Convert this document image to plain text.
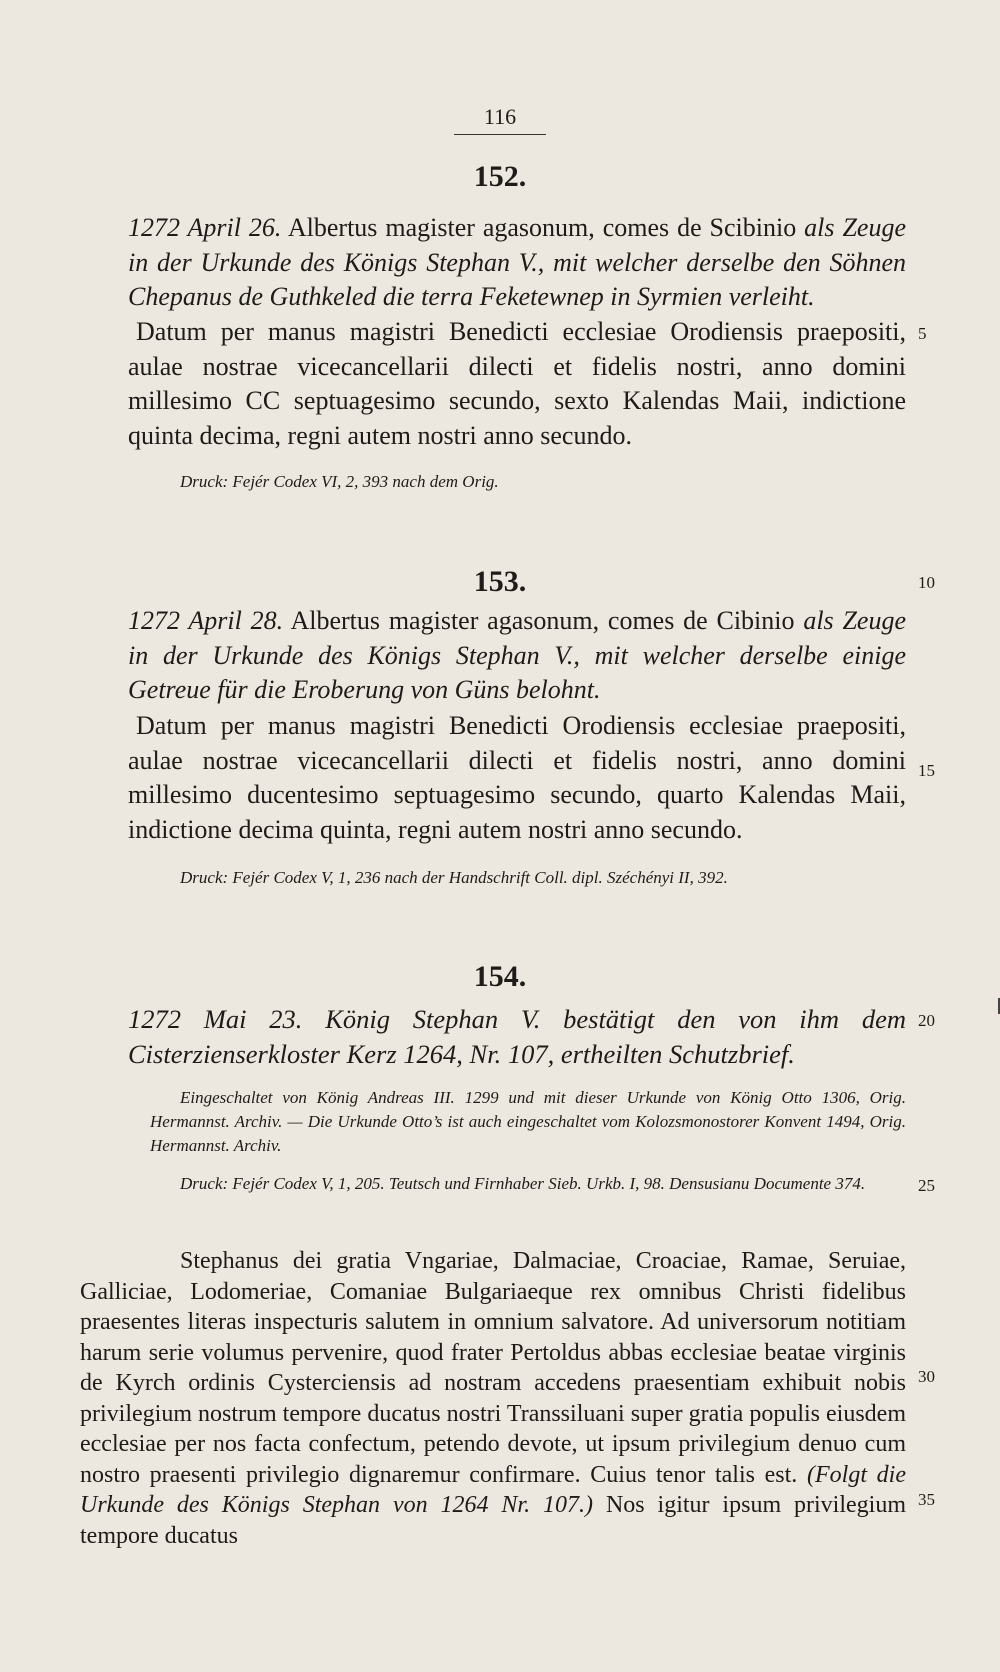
116
152.
1272 April 26. Albertus magister agasonum, comes de Scibinio als Zeuge in der Urkunde des Königs Stephan V., mit welcher derselbe den Söhnen Chepanus de Guthkeled die terra Feketewnep in Syrmien verleiht.
Datum per manus magistri Benedicti ecclesiae Orodiensis praepositi, aulae nostrae vicecancellarii dilecti et fidelis nostri, anno domini millesimo CC septuagesimo secundo, sexto Kalendas Maii, indictione quinta decima, regni autem nostri anno secundo.
Druck: Fejér Codex VI, 2, 393 nach dem Orig.
153.
1272 April 28. Albertus magister agasonum, comes de Cibinio als Zeuge in der Urkunde des Königs Stephan V., mit welcher derselbe einige Getreue für die Eroberung von Güns belohnt.
Datum per manus magistri Benedicti Orodiensis ecclesiae praepositi, aulae nostrae vicecancellarii dilecti et fidelis nostri, anno domini millesimo ducentesimo septuagesimo secundo, quarto Kalendas Maii, indictione decima quinta, regni autem nostri anno secundo.
Druck: Fejér Codex V, 1, 236 nach der Handschrift Coll. dipl. Széchényi II, 392.
154.
1272 Mai 23. König Stephan V. bestätigt den von ihm dem Cisterzienserkloster Kerz 1264, Nr. 107, ertheilten Schutzbrief.
Eingeschaltet von König Andreas III. 1299 und mit dieser Urkunde von König Otto 1306, Orig. Hermannst. Archiv. — Die Urkunde Otto’s ist auch eingeschaltet vom Kolozsmonostorer Konvent 1494, Orig. Hermannst. Archiv.
Druck: Fejér Codex V, 1, 205. Teutsch und Firnhaber Sieb. Urkb. I, 98. Densusianu Documente 374.
Stephanus dei gratia Vngariae, Dalmaciae, Croaciae, Ramae, Seruiae, Galliciae, Lodomeriae, Comaniae Bulgariaeque rex omnibus Christi fidelibus praesentes literas inspecturis salutem in omnium salvatore. Ad universorum notitiam harum serie volumus pervenire, quod frater Pertoldus abbas ecclesiae beatae virginis de Kyrch ordinis Cysterciensis ad nostram accedens praesentiam exhibuit nobis privilegium nostrum tempore ducatus nostri Transsiluani super gratia populis eiusdem ecclesiae per nos facta confectum, petendo devote, ut ipsum privilegium denuo cum nostro praesenti privilegio dignaremur confirmare. Cuius tenor talis est. (Folgt die Urkunde des Königs Stephan von 1264 Nr. 107.) Nos igitur ipsum privilegium tempore ducatus
5
10
15
20
25
30
35
